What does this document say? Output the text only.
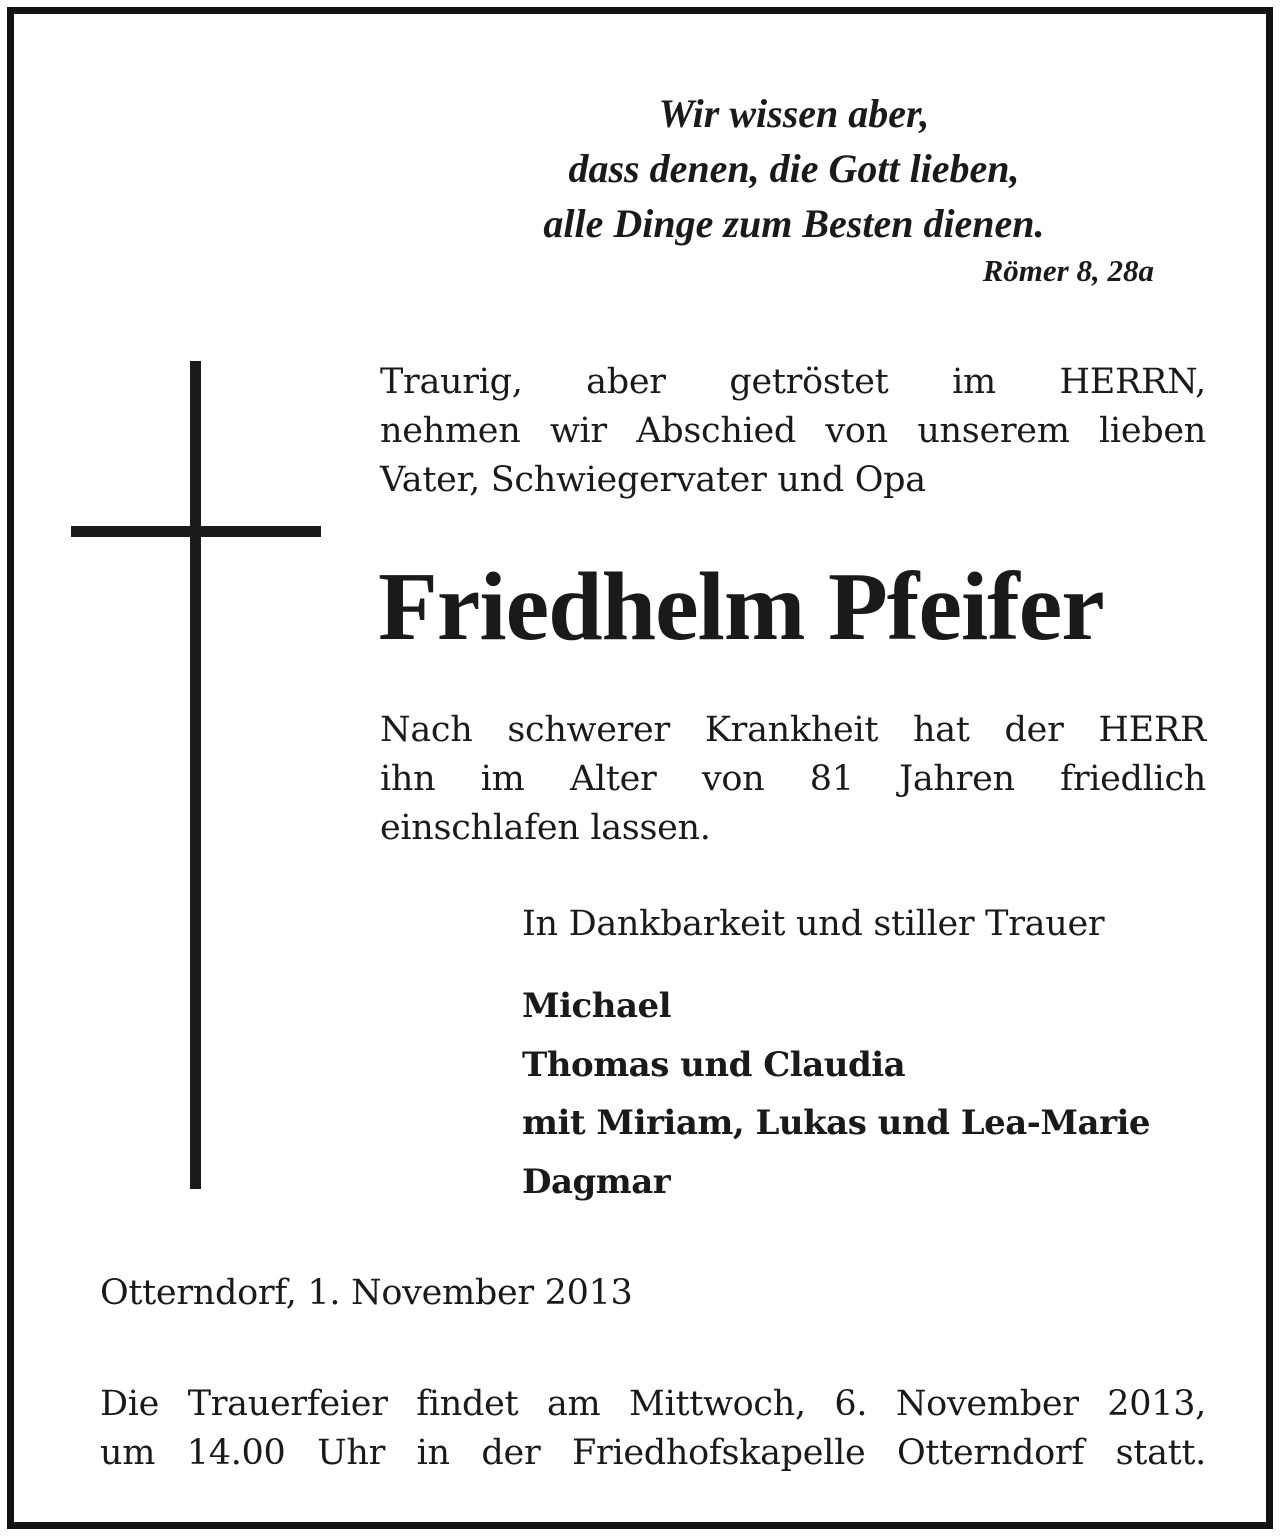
Wir wissen aber,
dass denen, die Gott lieben,
alle Dinge zum Besten dienen.

Römer 8, 28a

Traurig, aber getröstet im HERRN,
nehmen wir Abschied von unserem lieben Vater, Schwiegervater und Opa

Friedhelm Pfeifer

Nach schwerer Krankheit hat der HERR
ihn im Alter von 81 Jahren friedlich
einschlafen lassen.

In Dankbarkeit und stiller Trauer

Michael
Thomas und Claudia
mit Miriam, Lukas und Lea-Marie
Dagmar

Otterndorf, 1. November 2013

Die Trauerfeier findet am Mittwoch, 6. November 2013,
um 14.00 Uhr in der Friedhofskapelle Otterndorf statt.
